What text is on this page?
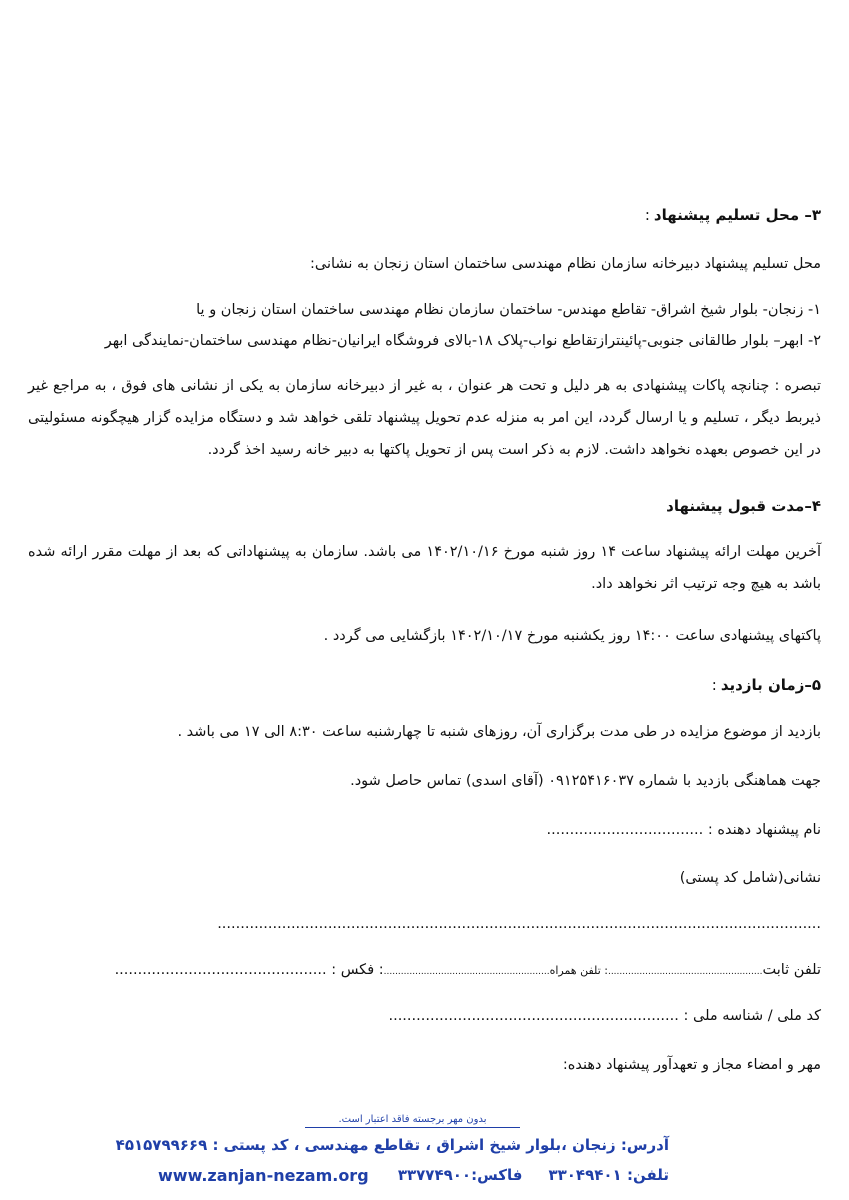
۳– محل تسلیم پیشنهاد:
محل تسلیم پیشنهاد دبیرخانه سازمان نظام مهندسی ساختمان استان زنجان به نشانی:
۱- زنجان- بلوار شیخ اشراق- تقاطع مهندس- ساختمان سازمان نظام مهندسی ساختمان استان زنجان و یا
۲- ابهر– بلوار طالقانی جنوبی-پائینترازتقاطع نواب-پلاک ۱۸-بالای فروشگاه ایرانیان-نظام مهندسی ساختمان-نمایندگی ابهر
تبصره : چنانچه پاکات پیشنهادی به هر دلیل و تحت هر عنوان ، به غیر از دبیرخانه سازمان به یکی از نشانی های فوق ، به مراجع غیر ذیربط دیگر ، تسلیم و یا ارسال گردد، این امر به منزله عدم تحویل پیشنهاد تلقی خواهد شد و دستگاه مزایده گزار هیچگونه مسئولیتی در این خصوص بعهده نخواهد داشت. لازم به ذکر است پس از تحویل پاکتها به دبیر خانه رسید اخذ گردد.
۴–مدت قبول پیشنهاد
آخرین مهلت ارائه پیشنهاد ساعت ۱۴ روز شنبه مورخ ۱۴۰۲/۱۰/۱۶ می باشد. سازمان به پیشنهاداتی که بعد از مهلت مقرر ارائه شده باشد به هیچ وجه ترتیب اثر نخواهد داد.
پاکتهای پیشنهادی ساعت ۱۴:۰۰ روز یکشنبه مورخ ۱۴۰۲/۱۰/۱۷ بازگشایی می گردد .
۵–زمان بازدید:
بازدید از موضوع مزایده در طی مدت برگزاری آن، روزهای شنبه تا چهارشنبه ساعت ۸:۳۰ الی ۱۷ می باشد .
جهت هماهنگی بازدید با شماره ۰۹۱۲۵۴۱۶۰۳۷ (آقای اسدی) تماس حاصل شود.
نام پیشنهاد دهنده : ..................................
نشانی(شامل کد پستی)
...................................................................................................................................
تلفن ثابت......................................................: تلفن همراه..........................................................: فکس : ..............................................
کد ملی / شناسه ملی : ...............................................................
مهر و امضاء مجاز و تعهدآور پیشنهاد دهنده:
بدون مهر برجسته فاقد اعتبار است.
آدرس: زنجان ،بلوار شیخ اشراق ، تقاطع مهندسی ، کد پستی : ۴۵۱۵۷۹۹۶۶۹
تلفن: ۳۳۰۴۹۴۰۱فاکس:۳۳۷۷۴۹۰۰
www.zanjan-nezam.org
